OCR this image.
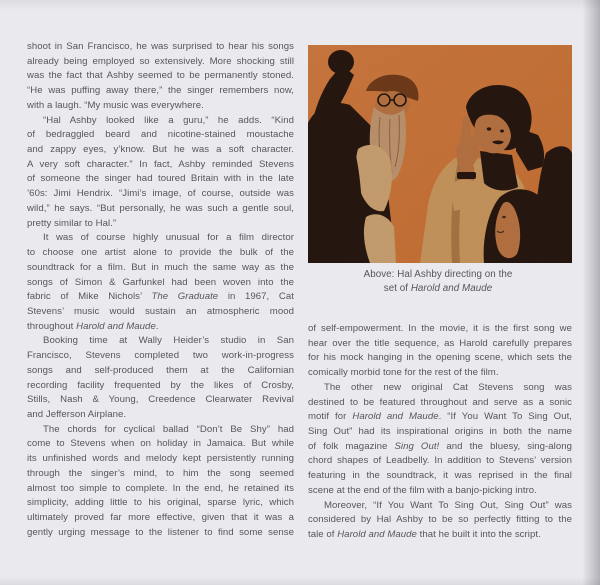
shoot in San Francisco, he was surprised to hear his songs
already being employed so extensively. More shocking still
was the fact that Ashby seemed to be permanently stoned.
“He was puffing away there,” the singer remembers now,
with a laugh. “My music was everywhere.
“Hal Ashby looked like a guru,” he adds. “Kind
of bedraggled beard and nicotine-stained moustache
and zappy eyes, y’know. But he was a soft character.
A very soft character.” In fact, Ashby reminded Stevens
of someone the singer had toured Britain with in the late
’60s: Jimi Hendrix. “Jimi’s image, of course, outside was
wild,” he says. “But personally, he was such a gentle soul,
pretty similar to Hal.”
It was of course highly unusual for a film director
to choose one artist alone to provide the bulk of the
soundtrack for a film. But in much the same way as the
songs of Simon & Garfunkel had been woven into the
fabric of Mike Nichols’ The Graduate in 1967, Cat
Stevens’ music would sustain an atmospheric mood
throughout Harold and Maude.
Booking time at Wally Heider’s studio in San
Francisco, Stevens completed two work-in-progress
songs and self-produced them at the Californian
recording facility frequented by the likes of Crosby,
Stills, Nash & Young, Creedence Clearwater Revival
and Jefferson Airplane.
The chords for cyclical ballad “Don’t Be Shy” had
come to Stevens when on holiday in Jamaica. But while
its unfinished words and melody kept persistently running
through the singer’s mind, to him the song seemed
almost too simple to complete. In the end, he retained its
simplicity, adding little to his original, sparse lyric, which
ultimately proved far more effective, given that it was a
gently urging message to the listener to find some sense
Above: Hal Ashby directing on the
set of Harold and Maude
of self-empowerment. In the movie, it is the first song we
hear over the title sequence, as Harold carefully prepares
for his mock hanging in the opening scene, which sets the
comically morbid tone for the rest of the film.
The other new original Cat Stevens song was
destined to be featured throughout and serve as a sonic
motif for Harold and Maude. “If You Want To Sing Out,
Sing Out” had its inspirational origins in both the name
of folk magazine Sing Out! and the bluesy, sing-along
chord shapes of Leadbelly. In addition to Stevens’ version
featuring in the soundtrack, it was reprised in the final
scene at the end of the film with a banjo-picking intro.
Moreover, “If You Want To Sing Out, Sing Out” was
considered by Hal Ashby to be so perfectly fitting to the
tale of Harold and Maude that he built it into the script.
